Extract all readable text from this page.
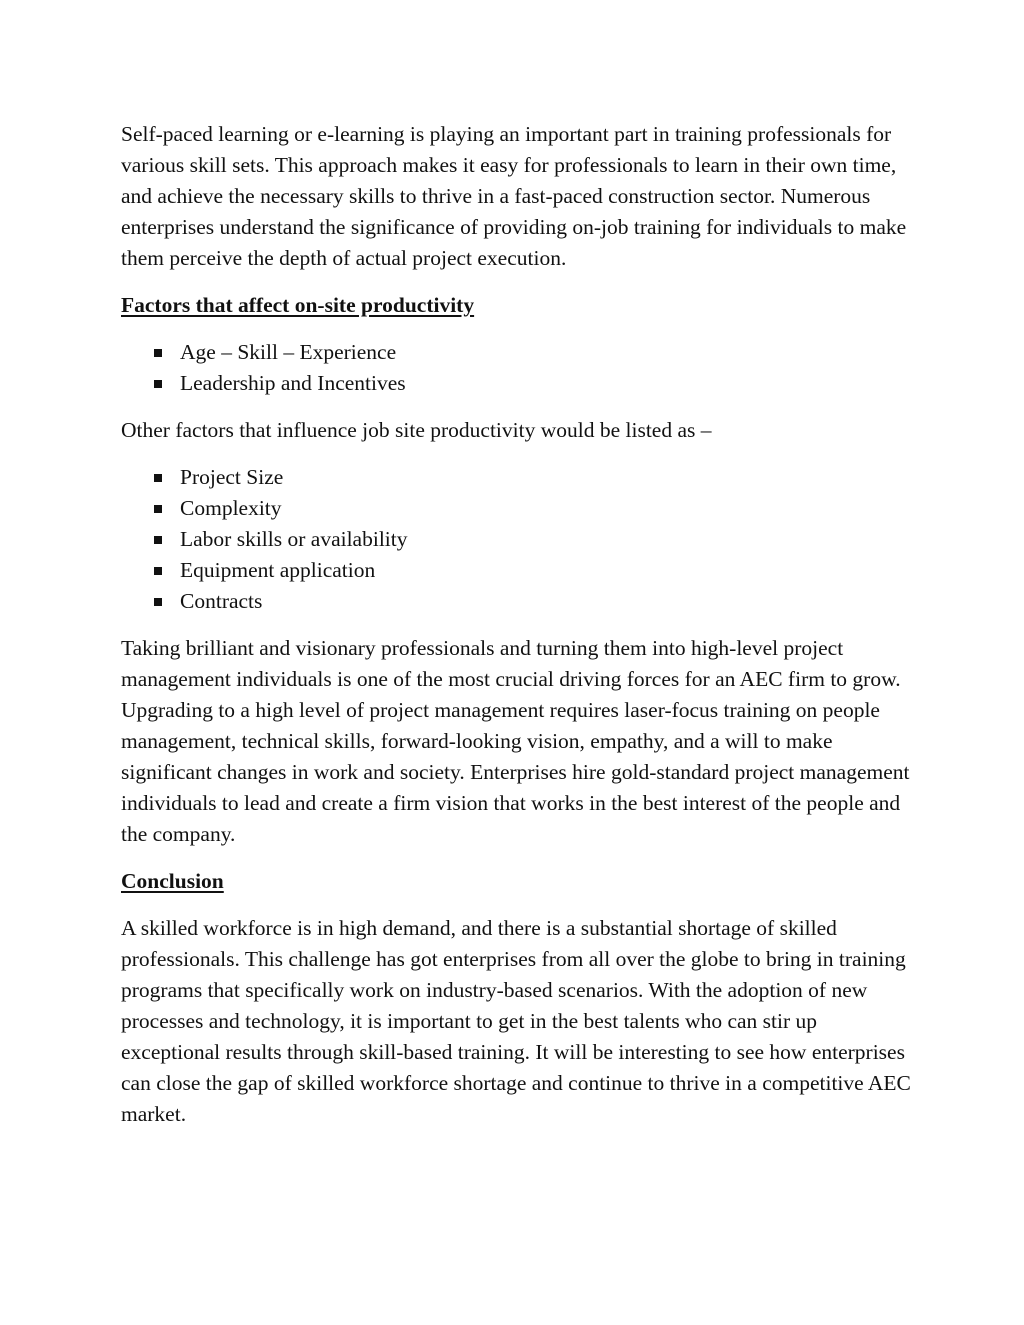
Self-paced learning or e-learning is playing an important part in training professionals for various skill sets. This approach makes it easy for professionals to learn in their own time, and achieve the necessary skills to thrive in a fast-paced construction sector. Numerous enterprises understand the significance of providing on-job training for individuals to make them perceive the depth of actual project execution.

Factors that affect on-site productivity
Age – Skill – Experience
Leadership and Incentives

Other factors that influence job site productivity would be listed as –

Project Size
Complexity
Labor skills or availability
Equipment application
Contracts

Taking brilliant and visionary professionals and turning them into high-level project management individuals is one of the most crucial driving forces for an AEC firm to grow. Upgrading to a high level of project management requires laser-focus training on people management, technical skills, forward-looking vision, empathy, and a will to make significant changes in work and society. Enterprises hire gold-standard project management individuals to lead and create a firm vision that works in the best interest of the people and the company.

Conclusion

A skilled workforce is in high demand, and there is a substantial shortage of skilled professionals. This challenge has got enterprises from all over the globe to bring in training programs that specifically work on industry-based scenarios. With the adoption of new processes and technology, it is important to get in the best talents who can stir up exceptional results through skill-based training. It will be interesting to see how enterprises can close the gap of skilled workforce shortage and continue to thrive in a competitive AEC market.
